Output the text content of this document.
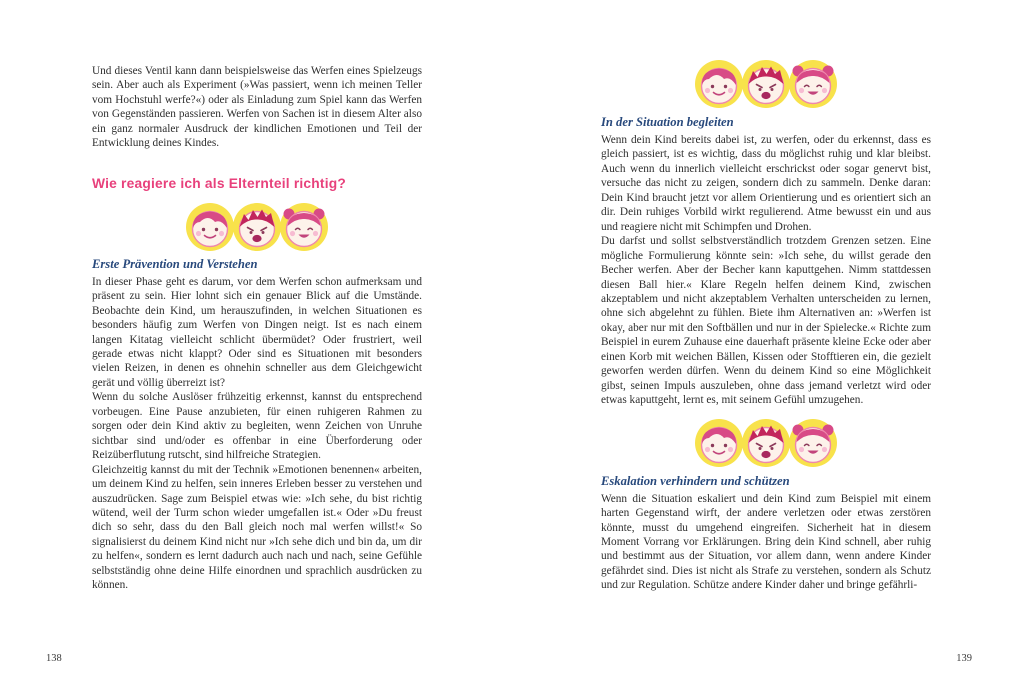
Und dieses Ventil kann dann beispielsweise das Werfen eines Spielzeugs sein. Aber auch als Experiment (»Was passiert, wenn ich meinen Teller vom Hochstuhl werfe?«) oder als Einladung zum Spiel kann das Werfen von Gegenständen passieren. Werfen von Sachen ist in diesem Alter also ein ganz normaler Ausdruck der kindlichen Emotionen und Teil der Entwicklung deines Kindes.

Wie reagiere ich als Elternteil richtig?
Erste Prävention und Verstehen

In dieser Phase geht es darum, vor dem Werfen schon aufmerksam und präsent zu sein. Hier lohnt sich ein genauer Blick auf die Umstände. Beobachte dein Kind, um herauszufinden, in welchen Situationen es besonders häufig zum Werfen von Dingen neigt. Ist es nach einem langen Kitatag vielleicht schlicht übermüdet? Oder frustriert, weil gerade etwas nicht klappt? Oder sind es Situationen mit besonders vielen Reizen, in denen es ohnehin schneller aus dem Gleichgewicht gerät und völlig überreizt ist?

Wenn du solche Auslöser frühzeitig erkennst, kannst du entsprechend vorbeugen. Eine Pause anzubieten, für einen ruhigeren Rahmen zu sorgen oder dein Kind aktiv zu begleiten, wenn Zeichen von Unruhe sichtbar sind und/oder es offenbar in eine Überforderung oder Reizüberflutung rutscht, sind hilfreiche Strategien.

Gleichzeitig kannst du mit der Technik »Emotionen benennen« arbeiten, um deinem Kind zu helfen, sein inneres Erleben besser zu verstehen und auszudrücken. Sage zum Beispiel etwas wie: »Ich sehe, du bist richtig wütend, weil der Turm schon wieder umgefallen ist.« Oder »Du freust dich so sehr, dass du den Ball gleich noch mal werfen willst!« So signalisierst du deinem Kind nicht nur »Ich sehe dich und bin da, um dir zu helfen«, sondern es lernt dadurch auch nach und nach, seine Gefühle selbstständig ohne deine Hilfe einordnen und sprachlich ausdrücken zu können.

In der Situation begleiten

Wenn dein Kind bereits dabei ist, zu werfen, oder du erkennst, dass es gleich passiert, ist es wichtig, dass du möglichst ruhig und klar bleibst. Auch wenn du innerlich vielleicht erschrickst oder sogar genervt bist, versuche das nicht zu zeigen, sondern dich zu sammeln. Denke daran: Dein Kind braucht jetzt vor allem Orientierung und es orientiert sich an dir. Dein ruhiges Vorbild wirkt regulierend. Atme bewusst ein und aus und reagiere nicht mit Schimpfen und Drohen.

Du darfst und sollst selbstverständlich trotzdem Grenzen setzen. Eine mögliche Formulierung könnte sein: »Ich sehe, du willst gerade den Becher werfen. Aber der Becher kann kaputtgehen. Nimm stattdessen diesen Ball hier.« Klare Regeln helfen deinem Kind, zwischen akzeptablem und nicht akzeptablem Verhalten unterscheiden zu lernen, ohne sich abgelehnt zu fühlen. Biete ihm Alternativen an: »Werfen ist okay, aber nur mit den Softbällen und nur in der Spielecke.« Richte zum Beispiel in eurem Zuhause eine dauerhaft präsente kleine Ecke oder aber einen Korb mit weichen Bällen, Kissen oder Stofftieren ein, die gezielt geworfen werden dürfen. Wenn du deinem Kind so eine Möglichkeit gibst, seinen Impuls auszuleben, ohne dass jemand verletzt wird oder etwas kaputtgeht, lernt es, mit seinem Gefühl umzugehen.

Eskalation verhindern und schützen

Wenn die Situation eskaliert und dein Kind zum Beispiel mit einem harten Gegenstand wirft, der andere verletzen oder etwas zerstören könnte, musst du umgehend eingreifen. Sicherheit hat in diesem Moment Vorrang vor Erklärungen. Bring dein Kind schnell, aber ruhig und bestimmt aus der Situation, vor allem dann, wenn andere Kinder gefährdet sind. Dies ist nicht als Strafe zu verstehen, sondern als Schutz und zur Regulation. Schütze andere Kinder daher und bringe gefährli-

138	139
